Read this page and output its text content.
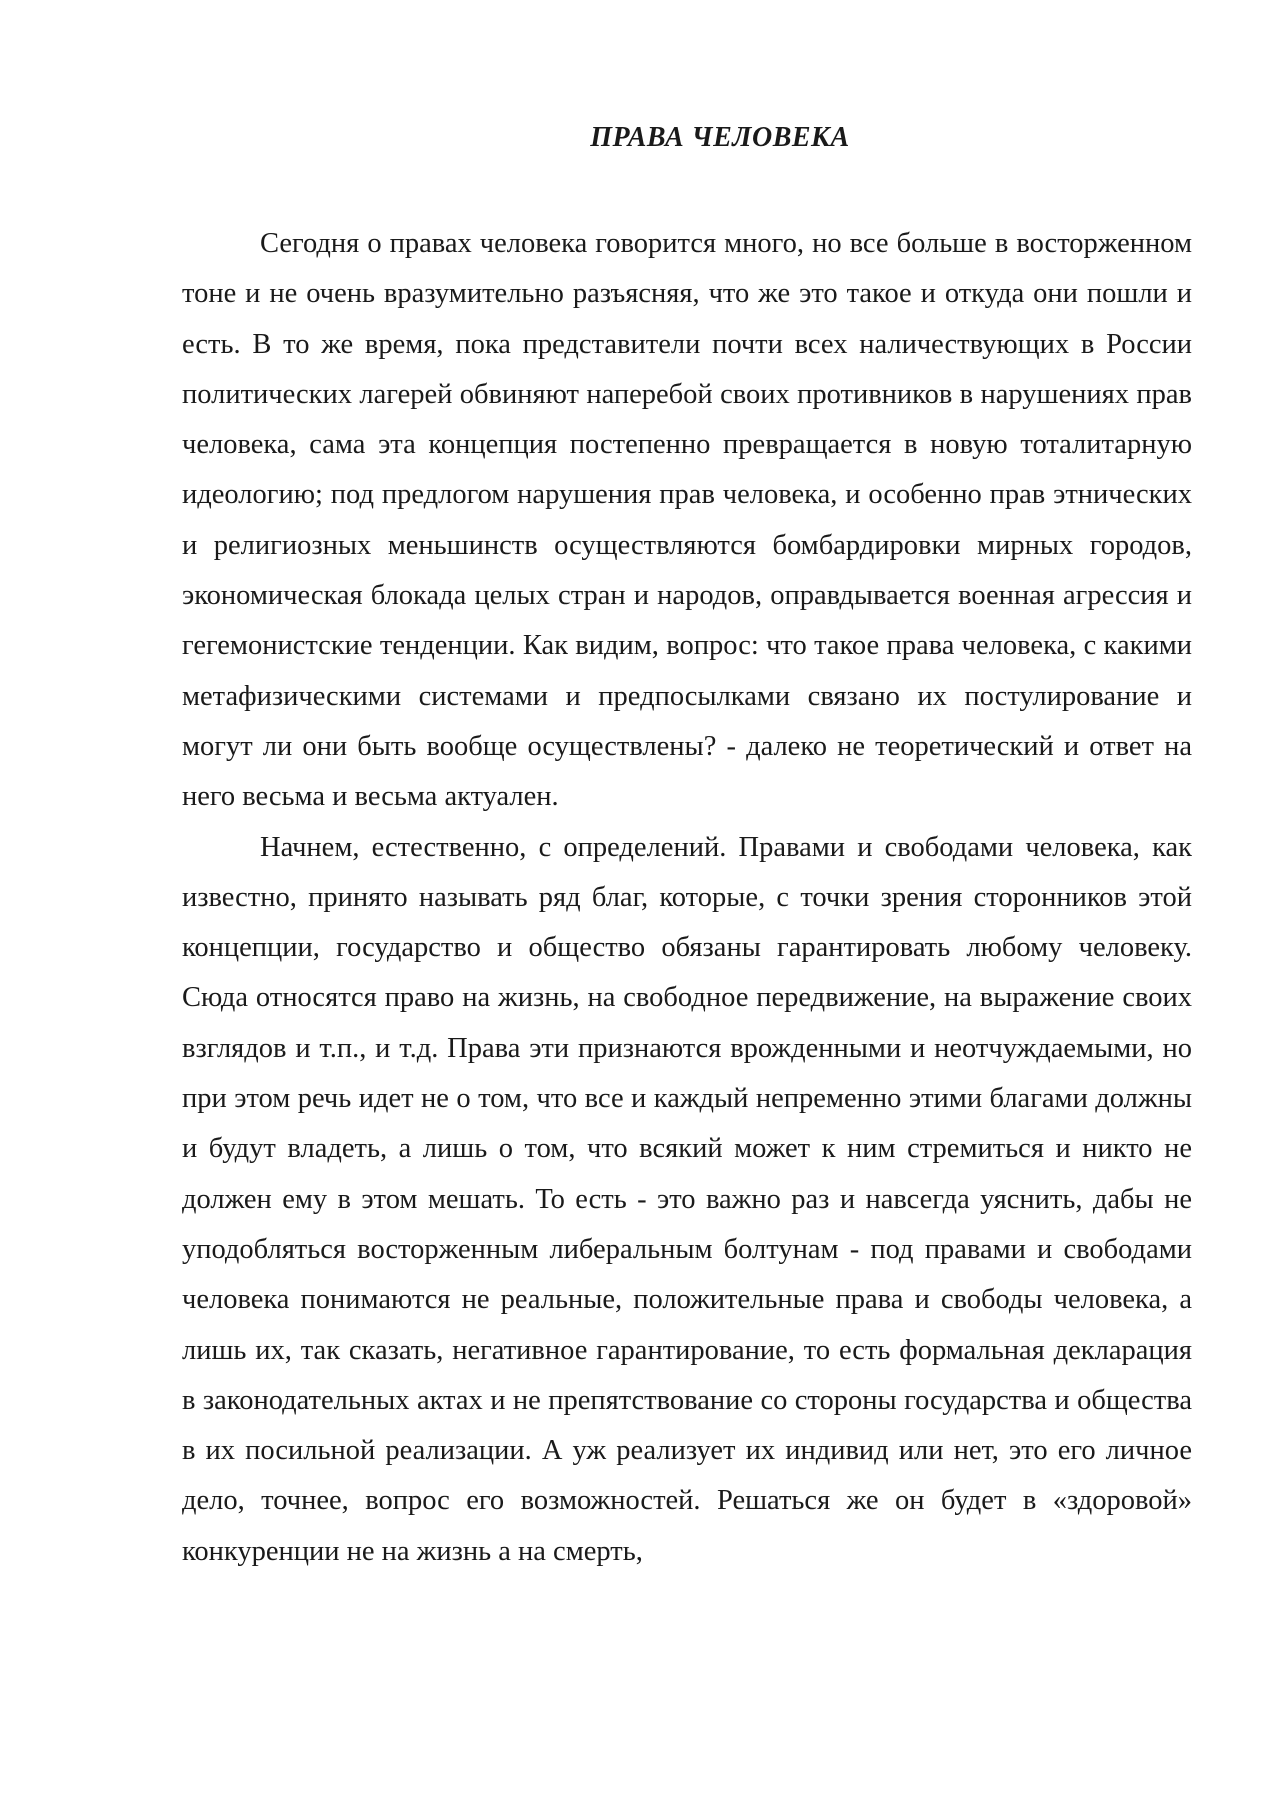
ПРАВА ЧЕЛОВЕКА

Сегодня о правах человека говорится много, но все больше в восторженном тоне и не очень вразумительно разъясняя, что же это такое и откуда они пошли и есть. В то же время, пока представители почти всех наличествующих в России политических лагерей обвиняют наперебой своих противников в нарушениях прав человека, сама эта концепция постепенно превращается в новую тоталитарную идеологию; под предлогом нарушения прав человека, и особенно прав этнических и религиозных меньшинств осуществляются бомбардировки мирных городов, экономическая блокада целых стран и народов, оправдывается военная агрессия и гегемонистские тенденции. Как видим, вопрос: что такое права человека, с какими метафизическими системами и предпосылками связано их постулирование и могут ли они быть вообще осуществлены? - далеко не теоретический и ответ на него весьма и весьма актуален.

Начнем, естественно, с определений. Правами и свободами человека, как известно, принято называть ряд благ, которые, с точки зрения сторонников этой концепции, государство и общество обязаны гарантировать любому человеку. Сюда относятся право на жизнь, на свободное передвижение, на выражение своих взглядов и т.п., и т.д. Права эти признаются врожденными и неотчуждаемыми, но при этом речь идет не о том, что все и каждый непременно этими благами должны и будут владеть, а лишь о том, что всякий может к ним стремиться и никто не должен ему в этом мешать. То есть - это важно раз и навсегда уяснить, дабы не уподобляться восторженным либеральным болтунам - под правами и свободами человека понимаются не реальные, положительные права и свободы человека, а лишь их, так сказать, негативное гарантирование, то есть формальная декларация в законодательных актах и не препятствование со стороны государства и общества в их посильной реализации. А уж реализует их индивид или нет, это его личное дело, точнее, вопрос его возможностей. Решаться же он будет в «здоровой» конкуренции не на жизнь а на смерть,
